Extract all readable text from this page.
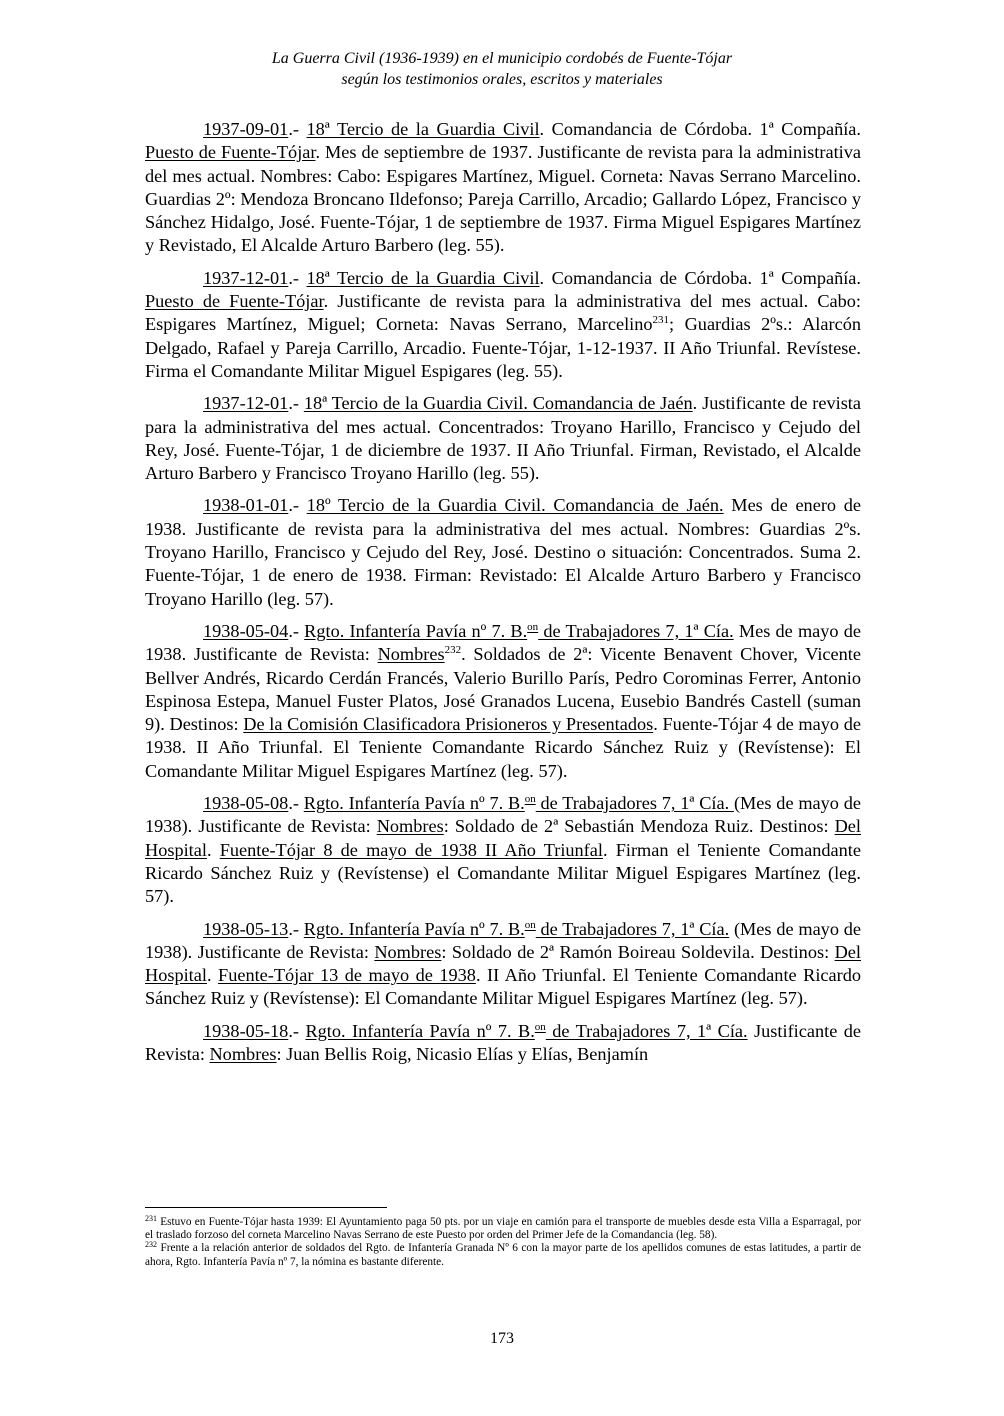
La Guerra Civil (1936-1939) en el municipio cordobés de Fuente-Tójar
según los testimonios orales, escritos y materiales

1937-09-01.- 18ª Tercio de la Guardia Civil. Comandancia de Córdoba. 1ª Compañía. Puesto de Fuente-Tójar. Mes de septiembre de 1937. Justificante de revista para la administrativa del mes actual. Nombres: Cabo: Espigares Martínez, Miguel. Corneta: Navas Serrano Marcelino. Guardias 2º: Mendoza Broncano Ildefonso; Pareja Carrillo, Arcadio; Gallardo López, Francisco y Sánchez Hidalgo, José. Fuente-Tójar, 1 de septiembre de 1937. Firma Miguel Espigares Martínez y Revistado, El Alcalde Arturo Barbero (leg. 55).

1937-12-01.- 18ª Tercio de la Guardia Civil. Comandancia de Córdoba. 1ª Compañía. Puesto de Fuente-Tójar. Justificante de revista para la administrativa del mes actual. Cabo: Espigares Martínez, Miguel; Corneta: Navas Serrano, Marcelino$^{231}$; Guardias 2ºs.: Alarcón Delgado, Rafael y Pareja Carrillo, Arcadio. Fuente-Tójar, 1-12-1937. II Año Triunfal. Revístese. Firma el Comandante Militar Miguel Espigares (leg. 55).

1937-12-01.- 18ª Tercio de la Guardia Civil. Comandancia de Jaén. Justificante de revista para la administrativa del mes actual. Concentrados: Troyano Harillo, Francisco y Cejudo del Rey, José. Fuente-Tójar, 1 de diciembre de 1937. II Año Triunfal. Firman, Revistado, el Alcalde Arturo Barbero y Francisco Troyano Harillo (leg. 55).

1938-01-01.- 18º Tercio de la Guardia Civil. Comandancia de Jaén. Mes de enero de 1938. Justificante de revista para la administrativa del mes actual. Nombres: Guardias 2ºs. Troyano Harillo, Francisco y Cejudo del Rey, José. Destino o situación: Concentrados. Suma 2. Fuente-Tójar, 1 de enero de 1938. Firman: Revistado: El Alcalde Arturo Barbero y Francisco Troyano Harillo (leg. 57).

1938-05-04.- Rgto. Infantería Pavía nº 7. B.$^{on}$ de Trabajadores 7, 1ª Cía. Mes de mayo de 1938. Justificante de Revista: Nombres$^{232}$. Soldados de 2ª: Vicente Benavent Chover, Vicente Bellver Andrés, Ricardo Cerdán Francés, Valerio Burillo París, Pedro Corominas Ferrer, Antonio Espinosa Estepa, Manuel Fuster Platos, José Granados Lucena, Eusebio Bandrés Castell (suman 9). Destinos: De la Comisión Clasificadora Prisioneros y Presentados. Fuente-Tójar 4 de mayo de 1938. II Año Triunfal. El Teniente Comandante Ricardo Sánchez Ruiz y (Revístense): El Comandante Militar Miguel Espigares Martínez (leg. 57).

1938-05-08.- Rgto. Infantería Pavía nº 7. B.$^{on}$ de Trabajadores 7, 1ª Cía. (Mes de mayo de 1938). Justificante de Revista: Nombres: Soldado de 2ª Sebastián Mendoza Ruiz. Destinos: Del Hospital. Fuente-Tójar 8 de mayo de 1938 II Año Triunfal. Firman el Teniente Comandante Ricardo Sánchez Ruiz y (Revístense) el Comandante Militar Miguel Espigares Martínez (leg. 57).

1938-05-13.- Rgto. Infantería Pavía nº 7. B.$^{on}$ de Trabajadores 7, 1ª Cía. (Mes de mayo de 1938). Justificante de Revista: Nombres: Soldado de 2ª Ramón Boireau Soldevila. Destinos: Del Hospital. Fuente-Tójar 13 de mayo de 1938. II Año Triunfal. El Teniente Comandante Ricardo Sánchez Ruiz y (Revístense): El Comandante Militar Miguel Espigares Martínez (leg. 57).

1938-05-18.- Rgto. Infantería Pavía nº 7. B.$^{on}$ de Trabajadores 7, 1ª Cía. Justificante de Revista: Nombres: Juan Bellis Roig, Nicasio Elías y Elías, Benjamín

$^{231}$ Estuvo en Fuente-Tójar hasta 1939: El Ayuntamiento paga 50 pts. por un viaje en camión para el transporte de muebles desde esta Villa a Esparragal, por el traslado forzoso del corneta Marcelino Navas Serrano de este Puesto por orden del Primer Jefe de la Comandancia (leg. 58).

$^{232}$ Frente a la relación anterior de soldados del Rgto. de Infantería Granada Nº 6 con la mayor parte de los apellidos comunes de estas latitudes, a partir de ahora, Rgto. Infantería Pavía nº 7, la nómina es bastante diferente.

173
